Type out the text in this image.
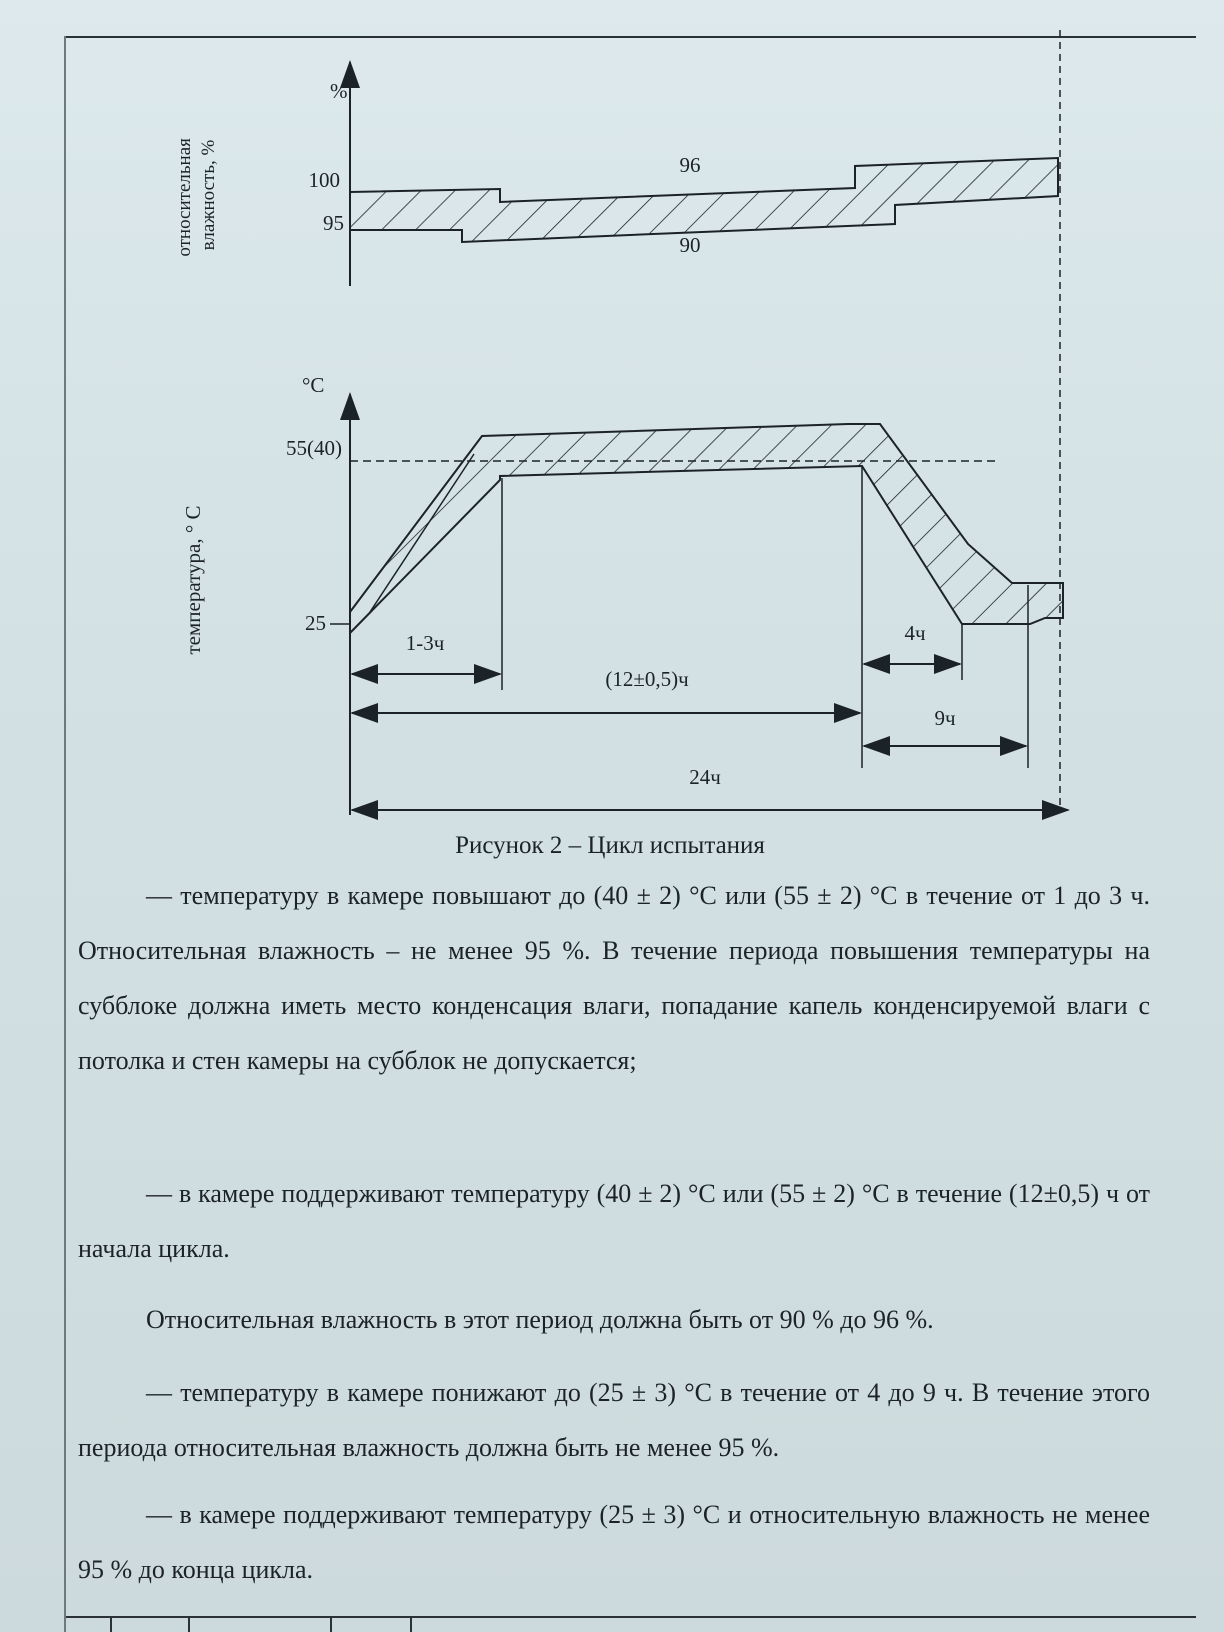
%
относительная влажность, %	100
95
96
90
°С
температура, ° С
55(40)
25
1-3ч	4ч
(12±0,5)ч
9ч
24ч
Рисунок 2 – Цикл испытания

— температуру в камере повышают до (40 ± 2) °С или (55 ± 2) °С в течение от 1 до 3 ч. Относительная влажность – не менее 95 %. В течение периода повышения температуры на субблоке должна иметь место конденсация влаги, попадание капель конденсируемой влаги с потолка и стен камеры на субблок не допускается;

— в камере поддерживают температуру (40 ± 2) °С или (55 ± 2) °С в течение (12±0,5) ч от начала цикла.

Относительная влажность в этот период должна быть от 90 % до 96 %.

— температуру в камере понижают до (25 ± 3) °С в течение от 4 до 9 ч. В течение этого периода относительная влажность должна быть не менее 95 %.

— в камере поддерживают температуру (25 ± 3) °С и относительную влажность не менее 95 % до конца цикла.
